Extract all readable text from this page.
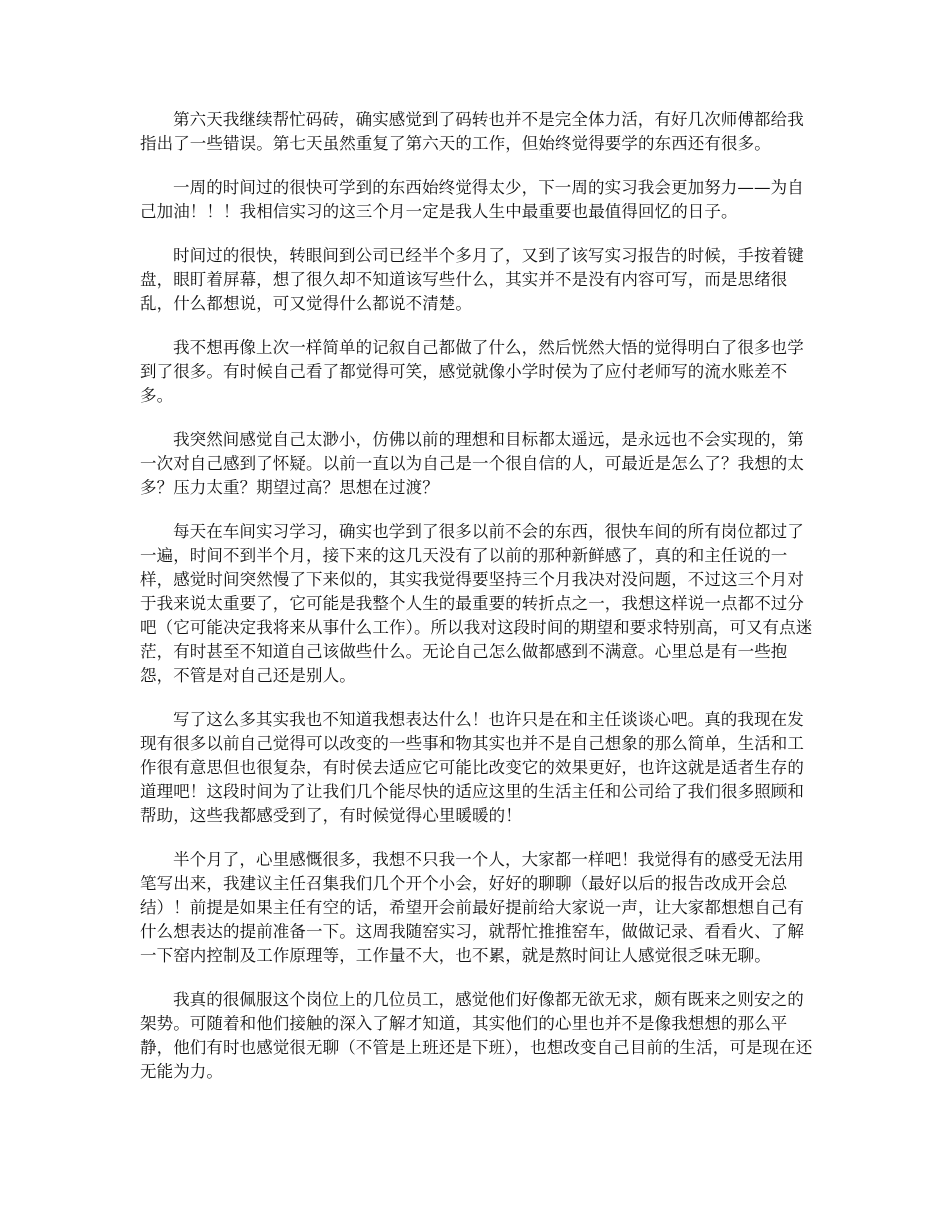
第六天我继续帮忙码砖，确实感觉到了码转也并不是完全体力活，有好几次师傅都给我指出了一些错误。第七天虽然重复了第六天的工作，但始终觉得要学的东西还有很多。

一周的时间过的很快可学到的东西始终觉得太少，下一周的实习我会更加努力——为自己加油！！！我相信实习的这三个月一定是我人生中最重要也最值得回忆的日子。

时间过的很快，转眼间到公司已经半个多月了，又到了该写实习报告的时候，手按着键盘，眼盯着屏幕，想了很久却不知道该写些什么，其实并不是没有内容可写，而是思绪很乱，什么都想说，可又觉得什么都说不清楚。

我不想再像上次一样简单的记叙自己都做了什么，然后恍然大悟的觉得明白了很多也学到了很多。有时候自己看了都觉得可笑，感觉就像小学时侯为了应付老师写的流水账差不多。

我突然间感觉自己太渺小，仿佛以前的理想和目标都太遥远，是永远也不会实现的，第一次对自己感到了怀疑。以前一直以为自己是一个很自信的人，可最近是怎么了？我想的太多？压力太重？期望过高？思想在过渡？

每天在车间实习学习，确实也学到了很多以前不会的东西，很快车间的所有岗位都过了一遍，时间不到半个月，接下来的这几天没有了以前的那种新鲜感了，真的和主任说的一样，感觉时间突然慢了下来似的，其实我觉得要坚持三个月我决对没问题，不过这三个月对于我来说太重要了，它可能是我整个人生的最重要的转折点之一，我想这样说一点都不过分吧（它可能决定我将来从事什么工作）。所以我对这段时间的期望和要求特别高，可又有点迷茫，有时甚至不知道自己该做些什么。无论自己怎么做都感到不满意。心里总是有一些抱怨，不管是对自己还是别人。

写了这么多其实我也不知道我想表达什么！也许只是在和主任谈谈心吧。真的我现在发现有很多以前自己觉得可以改变的一些事和物其实也并不是自己想象的那么简单，生活和工作很有意思但也很复杂，有时侯去适应它可能比改变它的效果更好，也许这就是适者生存的道理吧！这段时间为了让我们几个能尽快的适应这里的生活主任和公司给了我们很多照顾和帮助，这些我都感受到了，有时候觉得心里暖暖的！

半个月了，心里感慨很多，我想不只我一个人，大家都一样吧！我觉得有的感受无法用笔写出来，我建议主任召集我们几个开个小会，好好的聊聊（最好以后的报告改成开会总结）！前提是如果主任有空的话，希望开会前最好提前给大家说一声，让大家都想想自己有什么想表达的提前准备一下。这周我随窑实习，就帮忙推推窑车，做做记录、看看火、了解一下窑内控制及工作原理等，工作量不大，也不累，就是熬时间让人感觉很乏味无聊。

我真的很佩服这个岗位上的几位员工，感觉他们好像都无欲无求，颇有既来之则安之的架势。可随着和他们接触的深入了解才知道，其实他们的心里也并不是像我想想的那么平静，他们有时也感觉很无聊（不管是上班还是下班），也想改变自己目前的生活，可是现在还无能为力。
